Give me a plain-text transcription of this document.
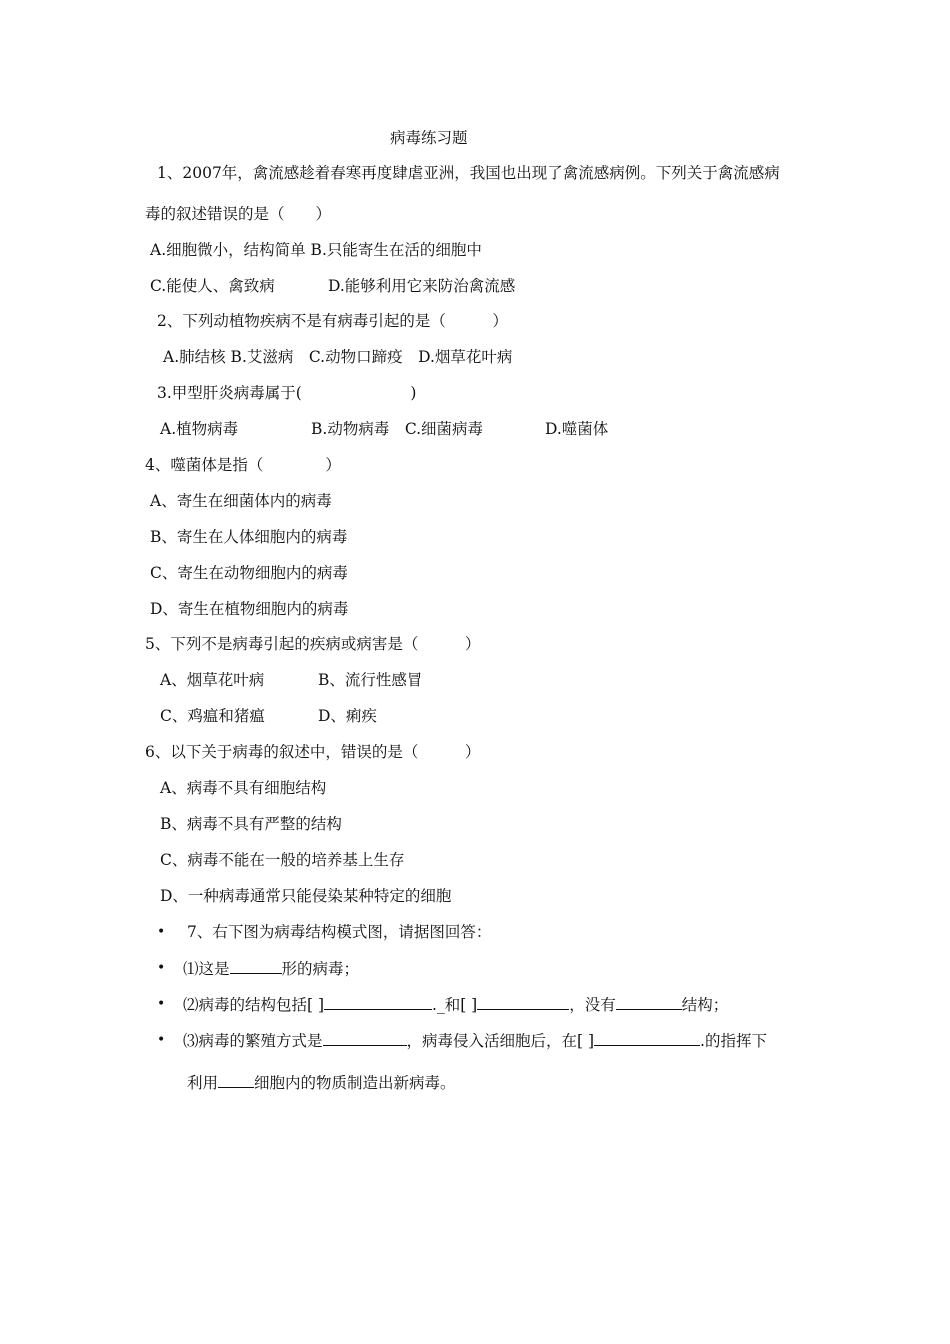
病毒练习题
1、2007年，禽流感趁着春寒再度肆虐亚洲，我国也出现了禽流感病例。下列关于禽流感病
毒的叙述错误的是（　　）
A.细胞微小，结构简单 B.只能寄生在活的细胞中
C.能使人、禽致病	D.能够利用它来防治禽流感
2、下列动植物疾病不是有病毒引起的是（　　　）
A.肺结核 B.艾滋病　C.动物口蹄疫　D.烟草花叶病
3.甲型肝炎病毒属于(　　　　　　　)
A.植物病毒	B.动物病毒　C.细菌病毒	D.噬菌体
4、噬菌体是指（　　　　）
A、寄生在细菌体内的病毒
B、寄生在人体细胞内的病毒
C、寄生在动物细胞内的病毒
D、寄生在植物细胞内的病毒
5、下列不是病毒引起的疾病或病害是（　　　）
A、烟草花叶病	B、流行性感冒
C、鸡瘟和猪瘟	D、痢疾
6、以下关于病毒的叙述中，错误的是（　　　）
A、病毒不具有细胞结构
B、病毒不具有严整的结构
C、病毒不能在一般的培养基上生存
D、一种病毒通常只能侵染某种特定的细胞
• 7、右下图为病毒结构模式图，请据图回答：
• ⑴这是	形的病毒；
• ⑵病毒的结构包括[ ]	._和[ ]	，没有	结构；
• ⑶病毒的繁殖方式是	，病毒侵入活细胞后，在[ ]	.的指挥下
利用 细胞内的物质制造出新病毒。
